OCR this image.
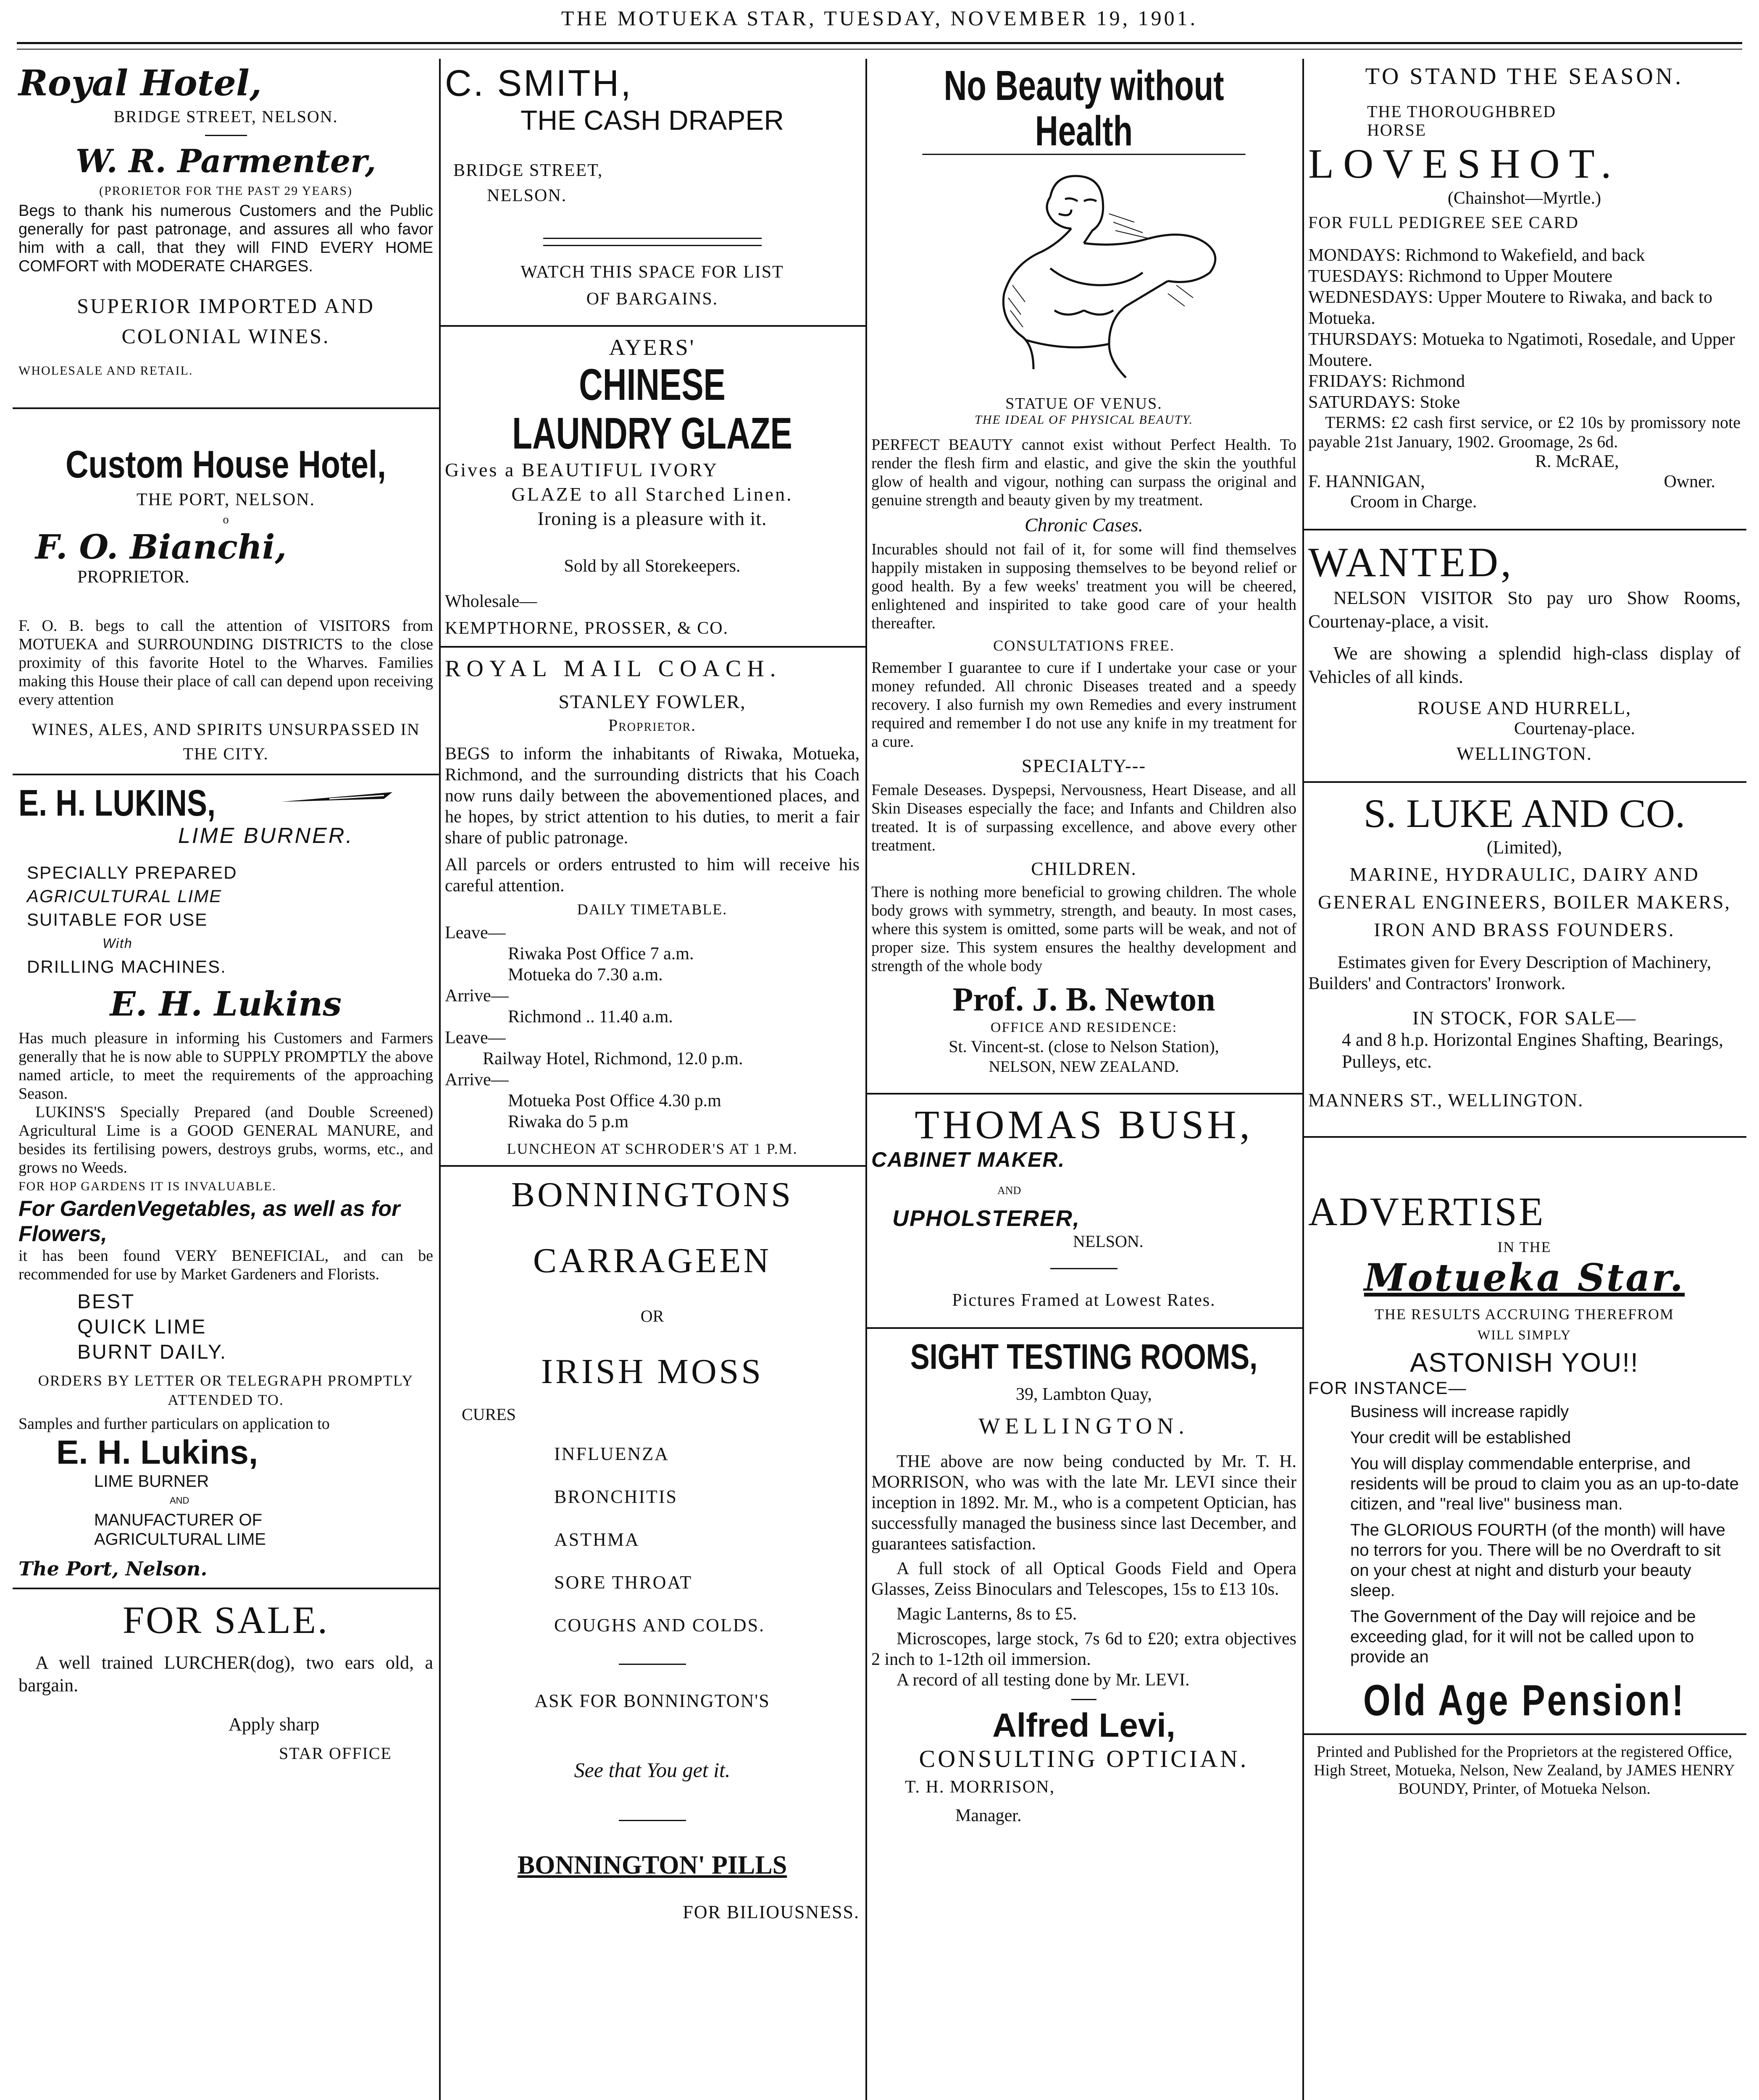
THE MOTUEKA STAR, TUESDAY, NOVEMBER 19, 1901.
Royal Hotel,
BRIDGE STREET, NELSON.
W. R. Parmenter,
(PRORIETOR FOR THE PAST 29 YEARS)

Begs to thank his numerous Customers and the Public generally for past patronage, and assures all who favor him with a call, that they will FIND EVERY HOME COMFORT with MODERATE CHARGES.

SUPERIOR IMPORTED AND COLONIAL WINES.
WHOLESALE AND RETAIL.
Custom House Hotel,
THE PORT, NELSON.
o
F. O. Bianchi,
PROPRIETOR.

F. O. B. begs to call the attention of VISITORS from MOTUEKA and SURROUNDING DISTRICTS to the close proximity of this favorite Hotel to the Wharves. Families making this House their place of call can depend upon receiving every attention

WINES, ALES, AND SPIRITS UNSURPASSED IN THE CITY.
E. H. LUKINS,
LIME BURNER.
SPECIALLY PREPARED
AGRICULTURAL LIME
SUITABLE FOR USE
With
DRILLING MACHINES.
E. H. Lukins

Has much pleasure in informing his Customers and Farmers generally that he is now able to SUPPLY PROMPTLY the above named article, to meet the requirements of the approaching Season.

LUKINS'S Specially Prepared (and Double Screened) Agricultural Lime is a GOOD GENERAL MANURE, and besides its fertilising powers, destroys grubs, worms, etc., and grows no Weeds.

FOR HOP GARDENS IT IS INVALUABLE.
For GardenVegetables, as well as for Flowers,

it has been found VERY BENEFICIAL, and can be recommended for use by Market Gardeners and Florists.

BEST
QUICK LIME
BURNT DAILY.
ORDERS BY LETTER OR TELEGRAPH PROMPTLY ATTENDED TO.

Samples and further particulars on application to

E. H. Lukins,
LIME BURNER
AND
MANUFACTURER OF
AGRICULTURAL LIME
The Port, Nelson.
FOR SALE.

A well trained LURCHER(dog), two ears old, a bargain.

Apply sharp
STAR OFFICE
C. SMITH,
THE CASH DRAPER
BRIDGE STREET,
NELSON.
WATCH THIS SPACE FOR LIST
OF BARGAINS.
AYERS'
CHINESE LAUNDRY GLAZE
Gives a BEAUTIFUL IVORY
GLAZE to all Starched Linen.
Ironing is a pleasure with it.
Sold by all Storekeepers.
Wholesale—
KEMPTHORNE, PROSSER, & CO.
ROYAL MAIL COACH.
STANLEY FOWLER,
Proprietor.

BEGS to inform the inhabitants of Riwaka, Motueka, Richmond, and the surrounding districts that his Coach now runs daily between the abovementioned places, and he hopes, by strict attention to his duties, to merit a fair share of public patronage.

All parcels or orders entrusted to him will receive his careful attention.

DAILY TIMETABLE.
Leave—
Riwaka Post Office 7 a.m.
Motueka do 7.30 a.m.
Arrive—
Richmond .. 11.40 a.m.
Leave—
Railway Hotel, Richmond, 12.0 p.m.
Arrive—
Motueka Post Office 4.30 p.m
Riwaka do 5 p.m
LUNCHEON AT SCHRODER'S AT 1 P.M.
BONNINGTONS
CARRAGEEN
OR
IRISH MOSS
CURES
INFLUENZA
BRONCHITIS
ASTHMA
SORE THROAT
COUGHS AND COLDS.
ASK FOR BONNINGTON'S
See that You get it.
BONNINGTON' PILLS
FOR BILIOUSNESS.
No Beauty without Health
STATUE OF VENUS.
THE IDEAL OF PHYSICAL BEAUTY.

PERFECT BEAUTY cannot exist without Perfect Health. To render the flesh firm and elastic, and give the skin the youthful glow of health and vigour, nothing can surpass the original and genuine strength and beauty given by my treatment.

Chronic Cases.

Incurables should not fail of it, for some will find themselves happily mistaken in supposing themselves to be beyond relief or good health. By a few weeks' treatment you will be cheered, enlightened and inspirited to take good care of your health thereafter.

CONSULTATIONS FREE.

Remember I guarantee to cure if I undertake your case or your money refunded. All chronic Diseases treated and a speedy recovery. I also furnish my own Remedies and every instrument required and remember I do not use any knife in my treatment for a cure.

SPECIALTY---

Female Deseases. Dyspepsi, Nervousness, Heart Disease, and all Skin Diseases especially the face; and Infants and Children also treated. It is of surpassing excellence, and above every other treatment.

CHILDREN.

There is nothing more beneficial to growing children. The whole body grows with symmetry, strength, and beauty. In most cases, where this system is omitted, some parts will be weak, and not of proper size. This system ensures the healthy development and strength of the whole body

Prof. J. B. Newton
OFFICE AND RESIDENCE:
St. Vincent-st. (close to Nelson Station),
NELSON, NEW ZEALAND.
THOMAS BUSH,
CABINET MAKER.
AND
UPHOLSTERER,
NELSON.
Pictures Framed at Lowest Rates.
SIGHT TESTING ROOMS,
39, Lambton Quay,
WELLINGTON.

THE above are now being conducted by Mr. T. H. MORRISON, who was with the late Mr. LEVI since their inception in 1892. Mr. M., who is a competent Optician, has successfully managed the business since last December, and guarantees satisfaction.

A full stock of all Optical Goods Field and Opera Glasses, Zeiss Binoculars and Telescopes, 15s to £13 10s.

Magic Lanterns, 8s to £5.

Microscopes, large stock, 7s 6d to £20; extra objectives 2 inch to 1-12th oil immersion.

A record of all testing done by Mr. LEVI.

Alfred Levi,
CONSULTING OPTICIAN.
T. H. MORRISON,
Manager.
TO STAND THE SEASON.
THE THOROUGHBRED HORSE
LOVESHOT.
(Chainshot—Myrtle.)
FOR FULL PEDIGREE SEE CARD

MONDAYS: Richmond to Wakefield, and back

TUESDAYS: Richmond to Upper Moutere

WEDNESDAYS: Upper Moutere to Riwaka, and back to Motueka.

THURSDAYS: Motueka to Ngatimoti, Rosedale, and Upper Moutere.

FRIDAYS: Richmond

SATURDAYS: Stoke

TERMS: £2 cash first service, or £2 10s by promissory note payable 21st January, 1902. Groomage, 2s 6d.

R. McRAE,
F. HANNIGAN,	Owner.
Croom in Charge.
WANTED,

NELSON VISITOR Sto pay uro Show Rooms, Courtenay-place, a visit.

We are showing a splendid high-class display of Vehicles of all kinds.

ROUSE AND HURRELL,
Courtenay-place.
WELLINGTON.
S. LUKE AND CO.
(Limited),

MARINE, HYDRAULIC, DAIRY AND GENERAL ENGINEERS, BOILER MAKERS, IRON AND BRASS FOUNDERS.

Estimates given for Every Description of Machinery,

Builders' and Contractors' Ironwork.

IN STOCK, FOR SALE—

4 and 8 h.p. Horizontal Engines Shafting, Bearings, Pulleys, etc.

MANNERS ST., WELLINGTON.
ADVERTISE
IN THE
Motueka Star.
THE RESULTS ACCRUING THEREFROM
WILL SIMPLY
ASTONISH YOU!!
FOR INSTANCE—

Business will increase rapidly

Your credit will be established

You will display commendable enterprise, and residents will be proud to claim you as an up-to-date citizen, and "real live" business man.

The GLORIOUS FOURTH (of the month) will have no terrors for you. There will be no Overdraft to sit on your chest at night and disturb your beauty sleep.

The Government of the Day will rejoice and be exceeding glad, for it will not be called upon to provide an

Old Age Pension!

Printed and Published for the Proprietors at the registered Office, High Street, Motueka, Nelson, New Zealand, by JAMES HENRY BOUNDY, Printer, of Motueka Nelson.
